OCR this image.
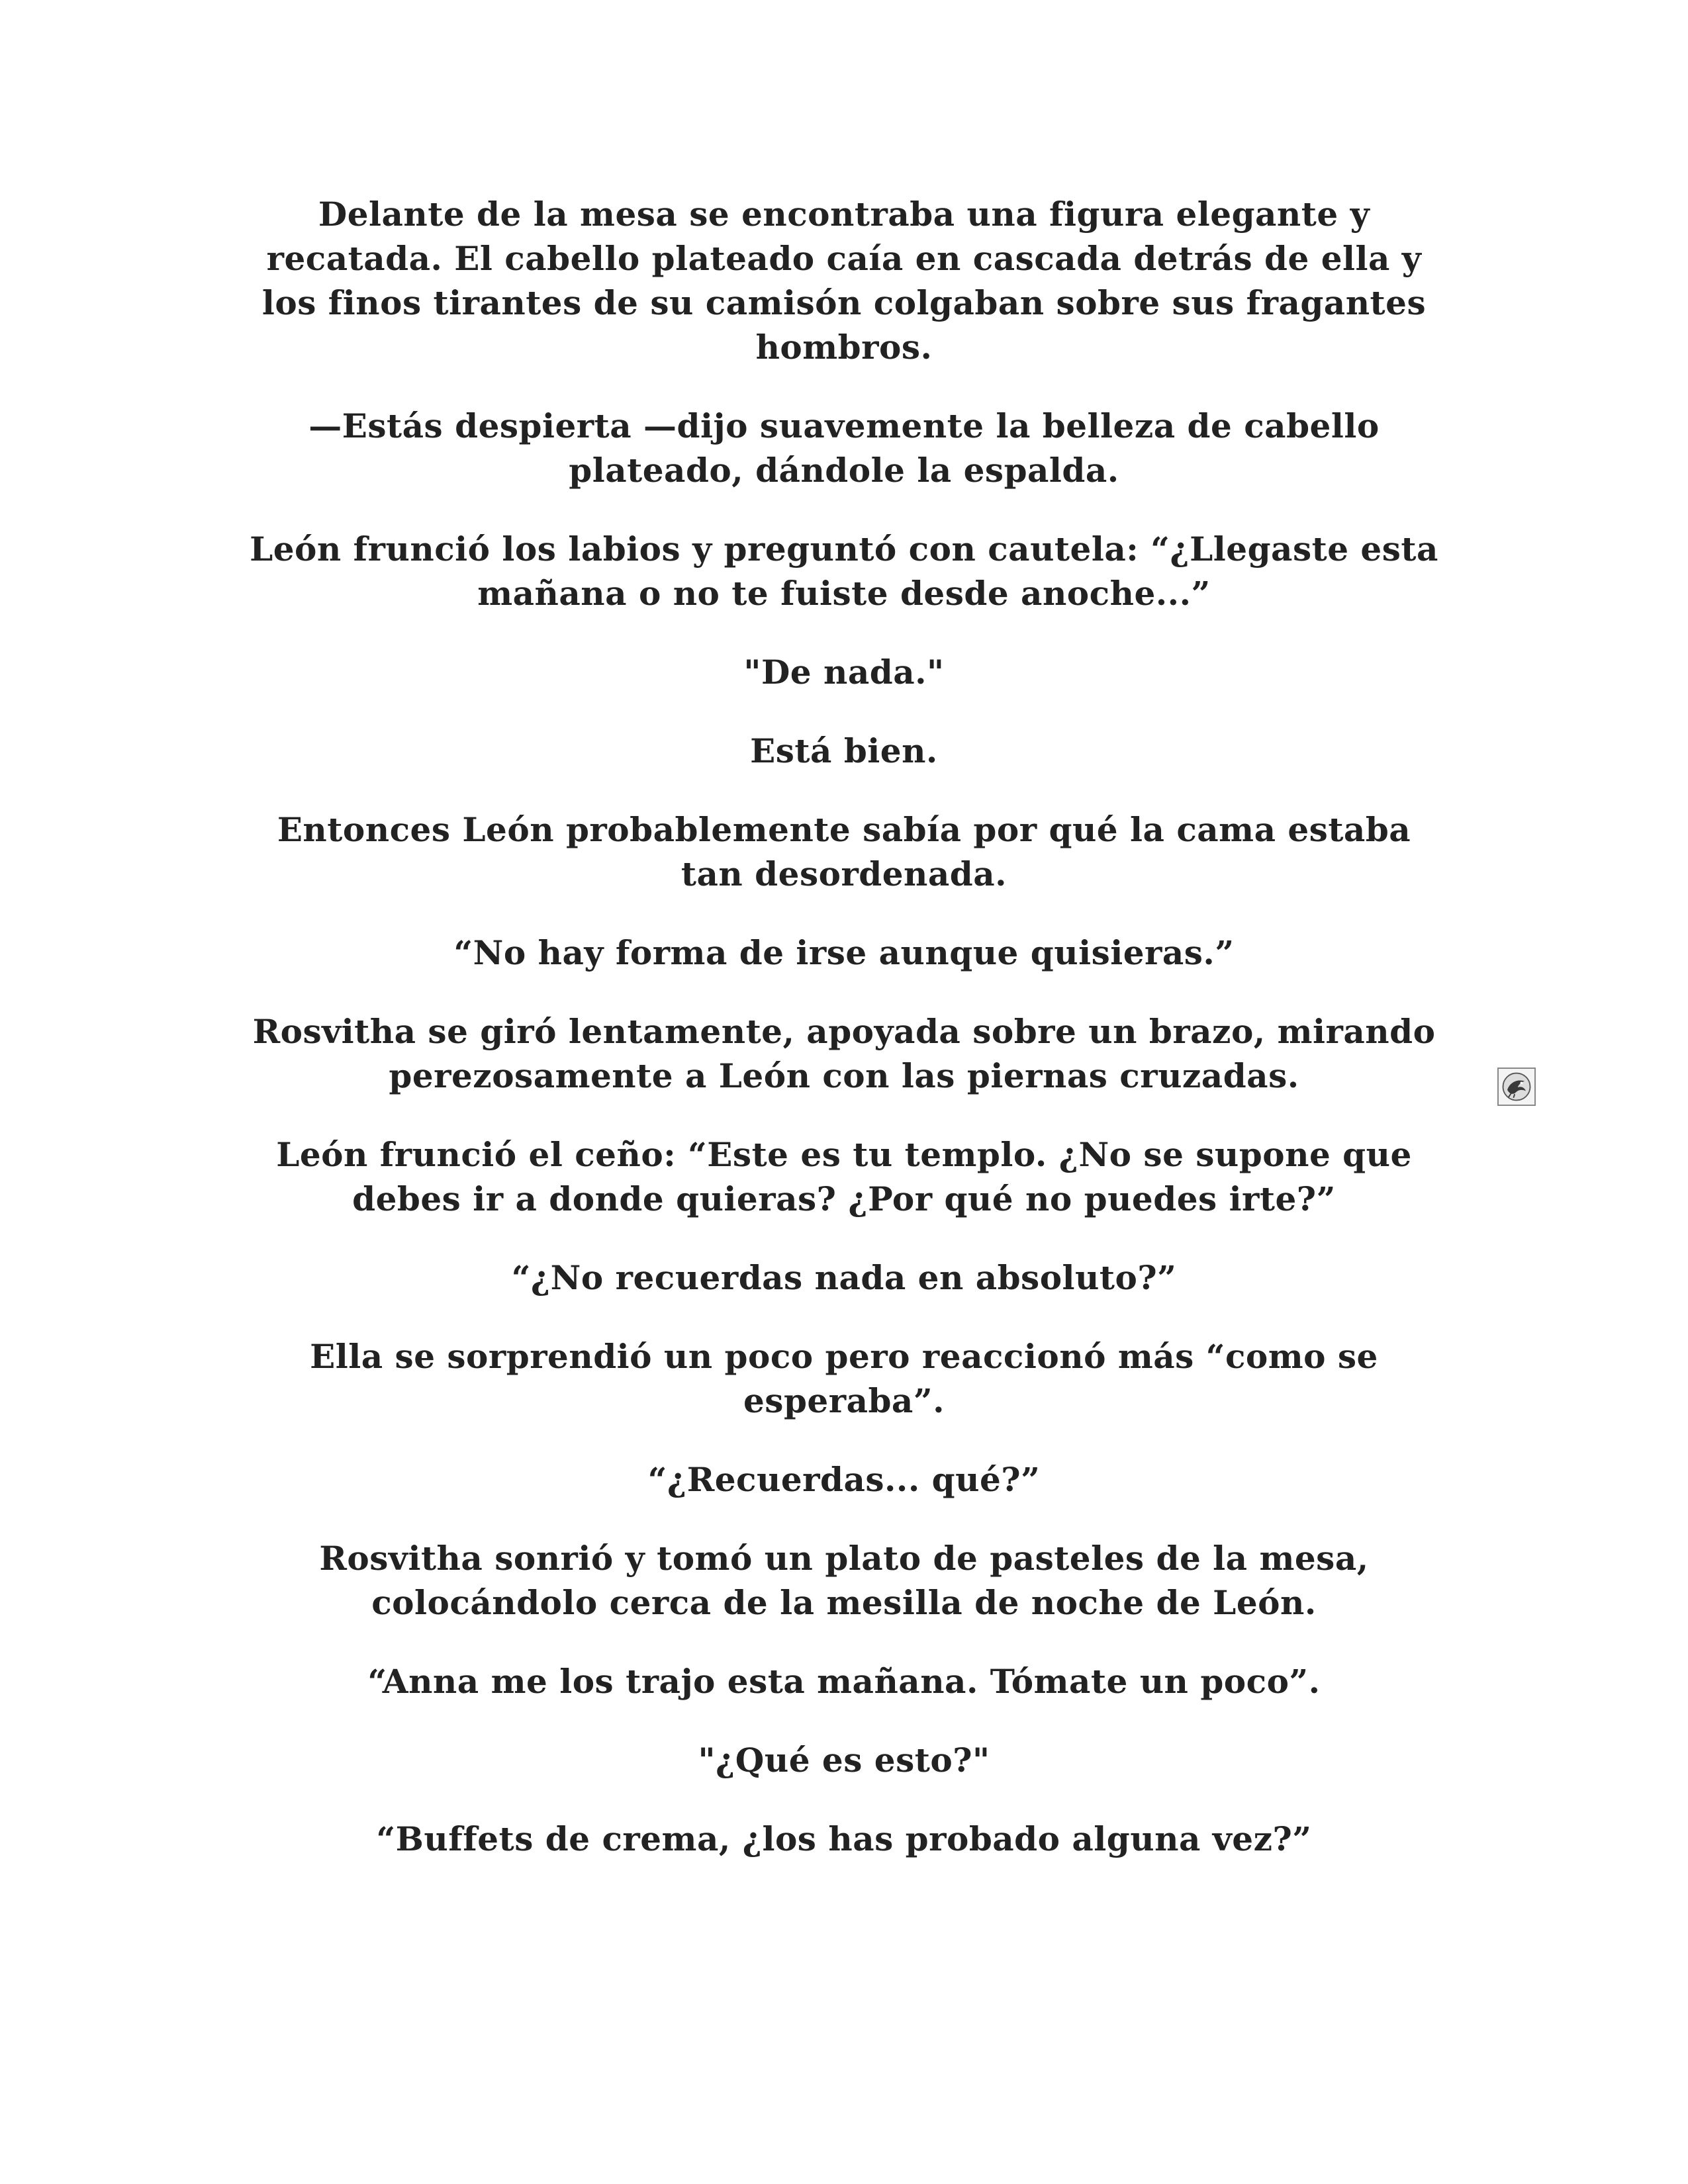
Delante de la mesa se encontraba una figura elegante y
recatada. El cabello plateado caía en cascada detrás de ella y
los finos tirantes de su camisón colgaban sobre sus fragantes
hombros.

—Estás despierta —dijo suavemente la belleza de cabello
plateado, dándole la espalda.

León frunció los labios y preguntó con cautela: “¿Llegaste esta
mañana o no te fuiste desde anoche...”

"De nada."

Está bien.

Entonces León probablemente sabía por qué la cama estaba
tan desordenada.

“No hay forma de irse aunque quisieras.”

Rosvitha se giró lentamente, apoyada sobre un brazo, mirando
perezosamente a León con las piernas cruzadas.

León frunció el ceño: “Este es tu templo. ¿No se supone que
debes ir a donde quieras? ¿Por qué no puedes irte?”

“¿No recuerdas nada en absoluto?”

Ella se sorprendió un poco pero reaccionó más “como se
esperaba”.

“¿Recuerdas... qué?”

Rosvitha sonrió y tomó un plato de pasteles de la mesa,
colocándolo cerca de la mesilla de noche de León.

“Anna me los trajo esta mañana. Tómate un poco”.

"¿Qué es esto?"

“Buffets de crema, ¿los has probado alguna vez?”
